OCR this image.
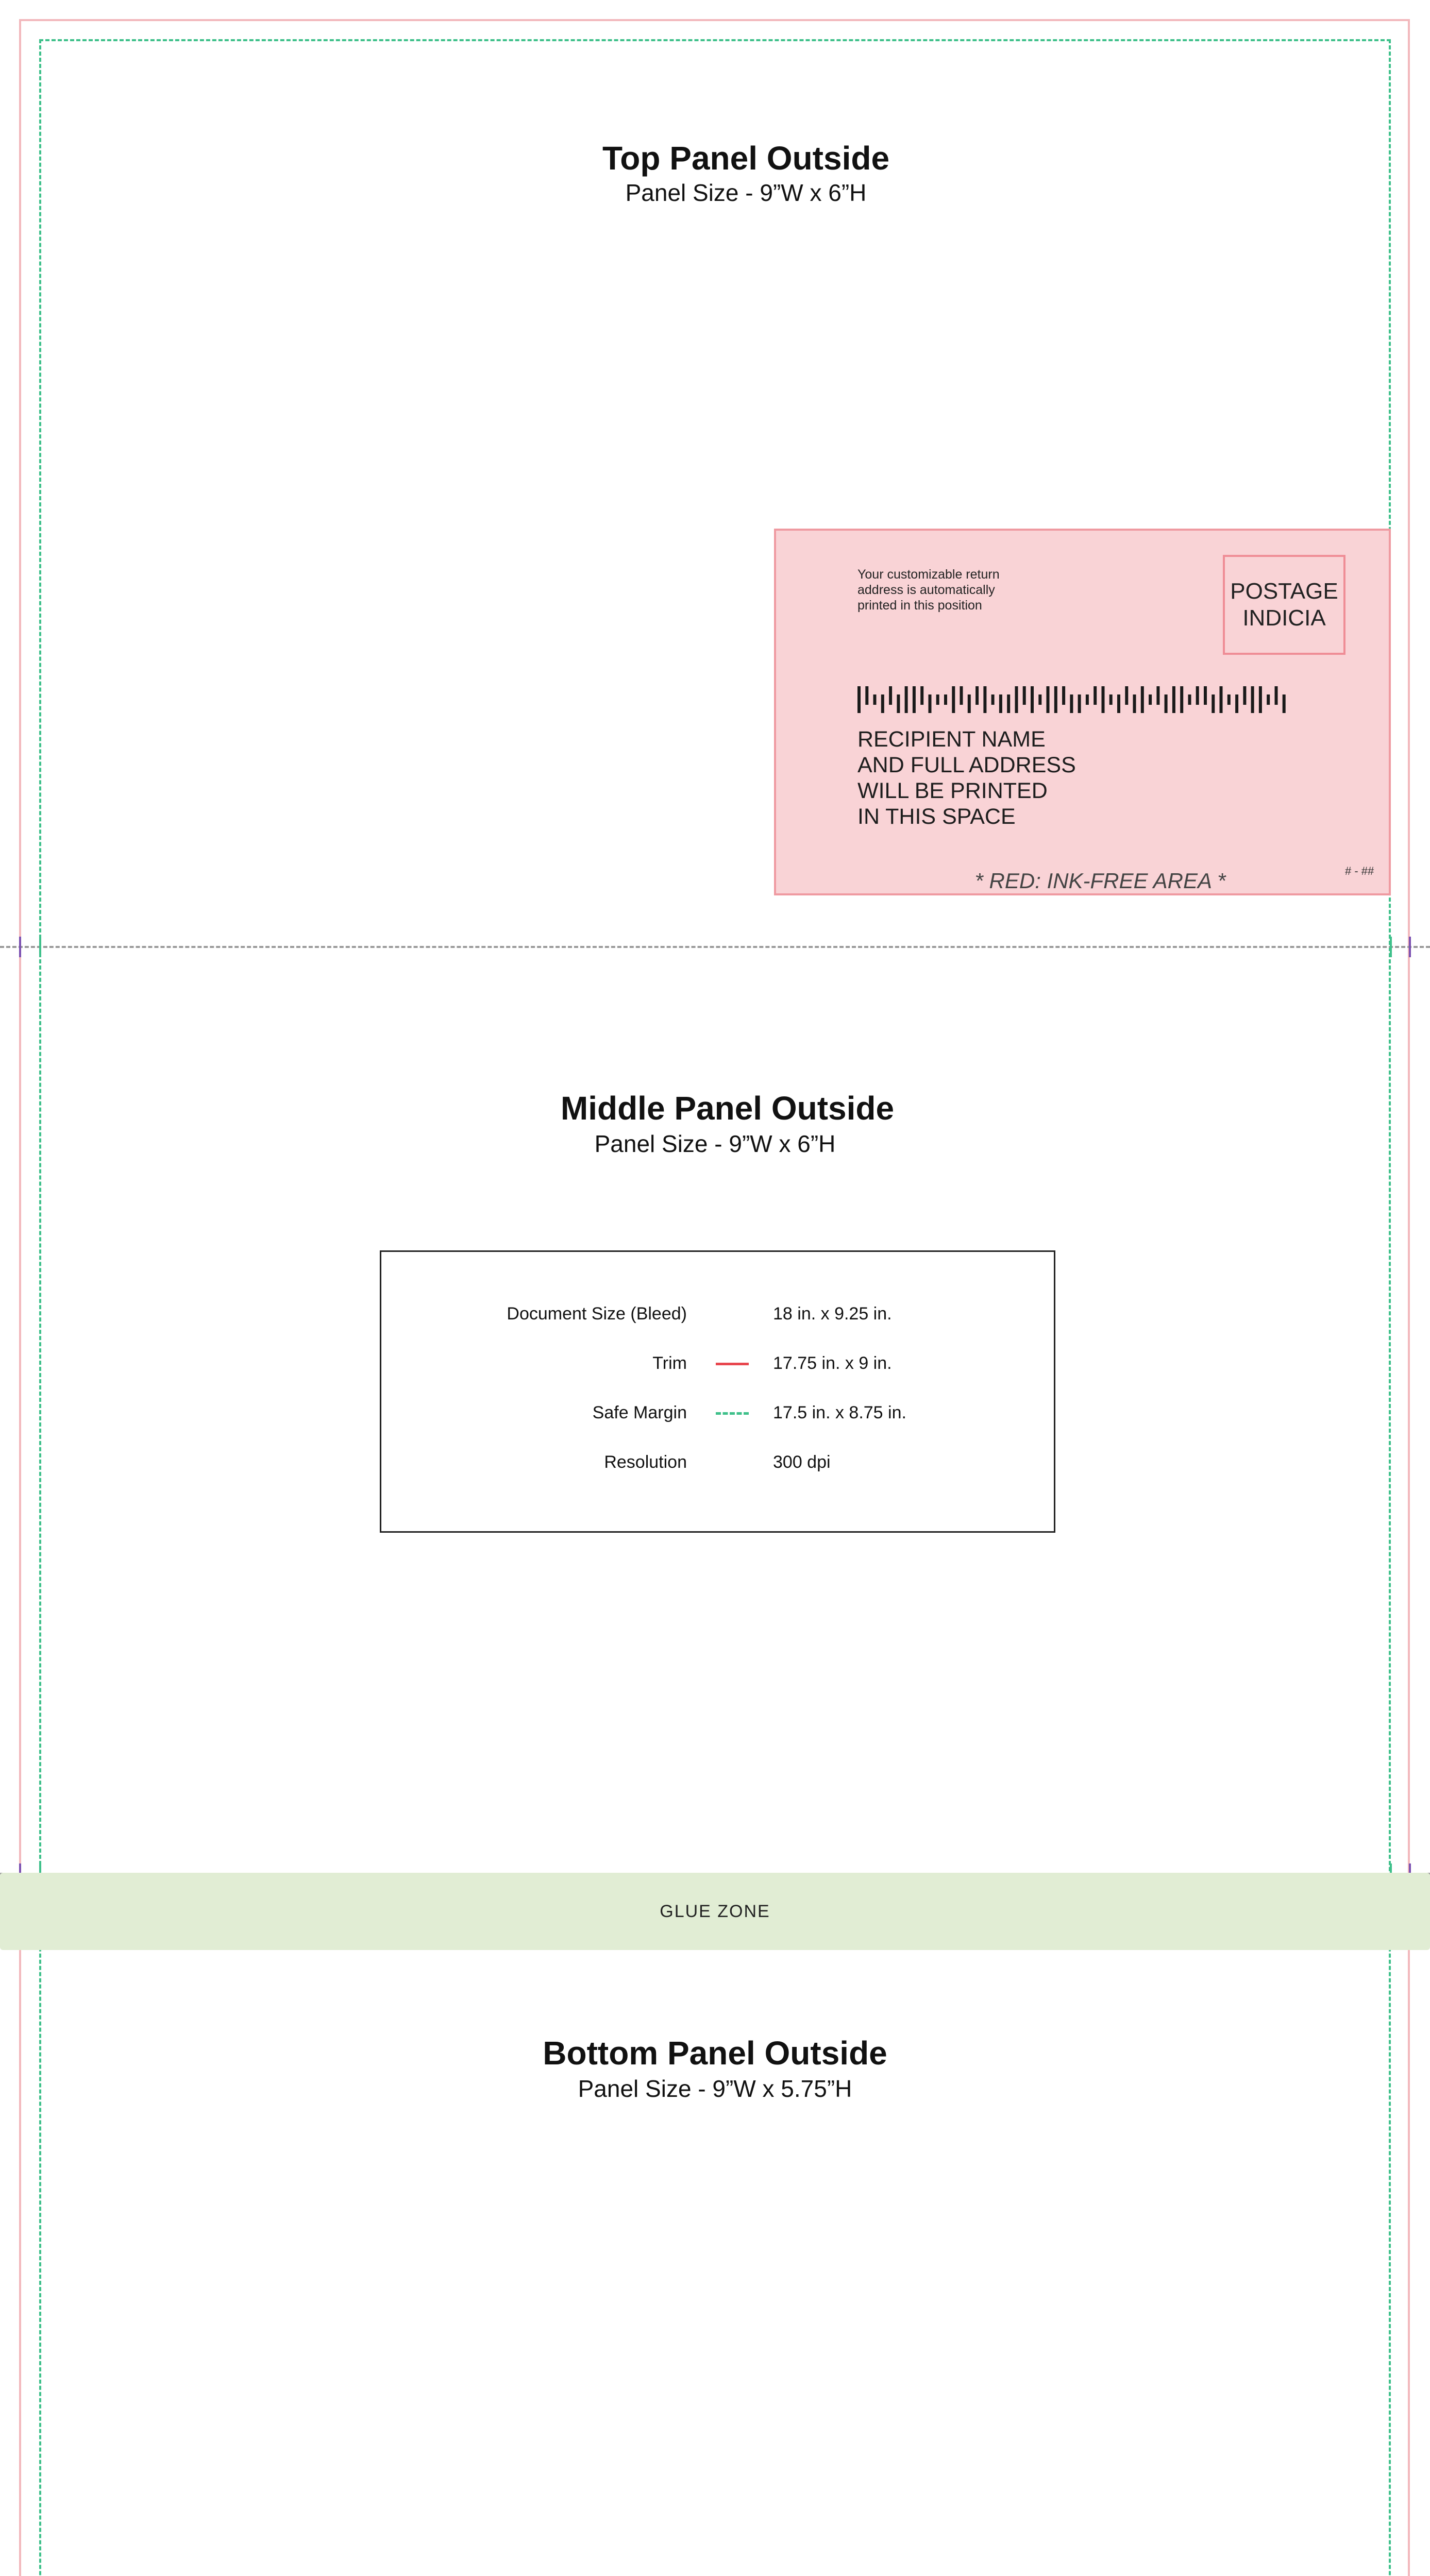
Top Panel Outside
Panel Size - 9”W x 6”H
Your customizable return address is automatically printed in this position
POSTAGE
INDICIA
RECIPIENT NAME
AND FULL ADDRESS
WILL BE PRINTED
IN THIS SPACE
* RED: INK-FREE AREA *	# - ##
Middle Panel Outside
Panel Size - 9”W x 6”H
Document Size (Bleed)	18 in. x 9.25 in.
Trim	17.75 in. x 9 in.
Safe Margin	17.5 in. x 8.75 in.
Resolution	300 dpi
GLUE ZONE
Bottom Panel Outside
Panel Size - 9”W x 5.75”H
